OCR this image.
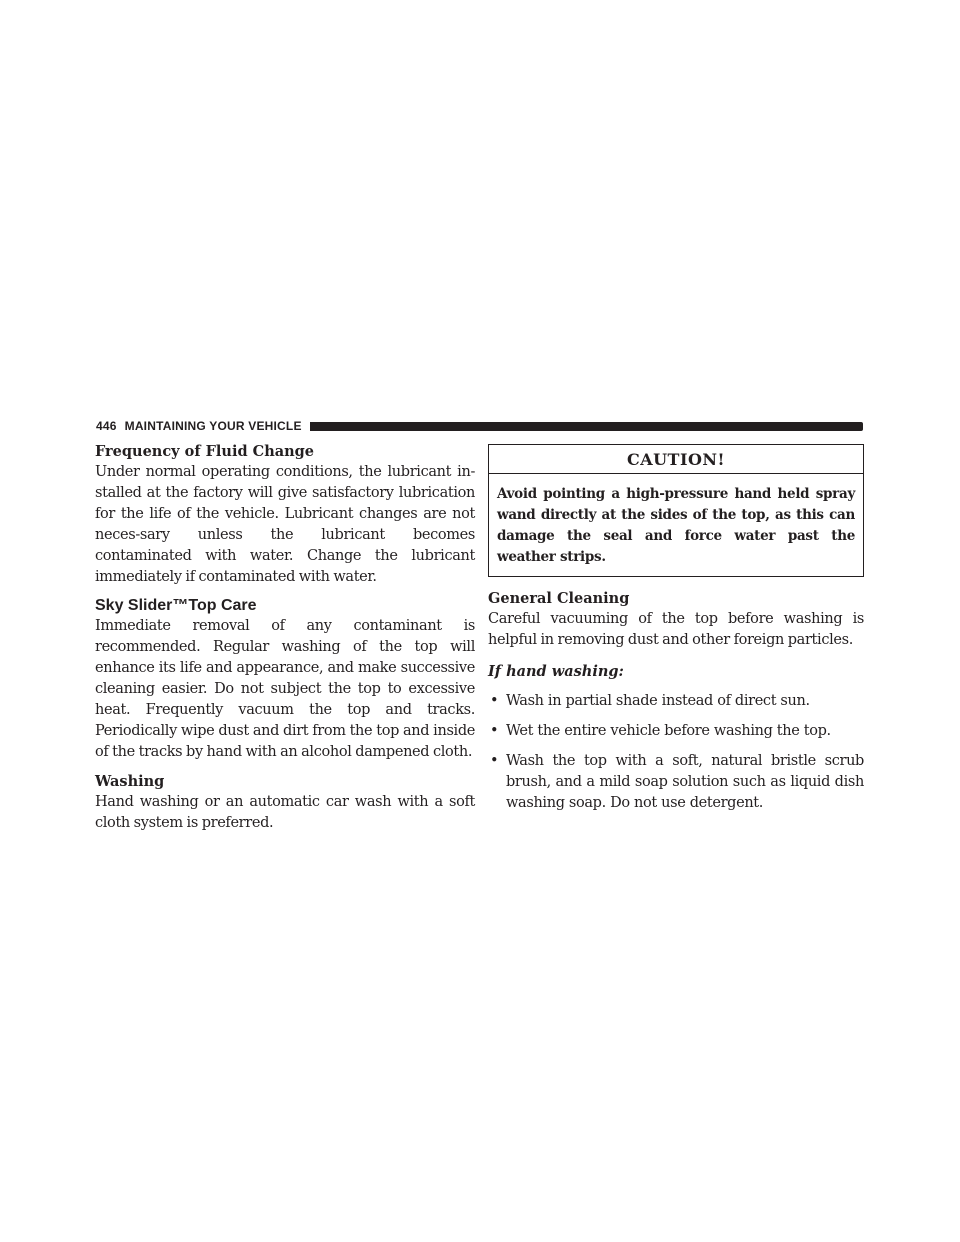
446 MAINTAINING YOUR VEHICLE
Frequency of Fluid Change

Under normal operating conditions, the lubricant in-stalled at the factory will give satisfactory lubrication for the life of the vehicle. Lubricant changes are not neces-sary unless the lubricant becomes contaminated with water. Change the lubricant immediately if contaminated with water.

Sky Slider™Top Care

Immediate removal of any contaminant is recommended. Regular washing of the top will enhance its life and appearance, and make successive cleaning easier. Do not subject the top to excessive heat. Frequently vacuum the top and tracks. Periodically wipe dust and dirt from the top and inside of the tracks by hand with an alcohol dampened cloth.

Washing

Hand washing or an automatic car wash with a soft cloth system is preferred.

CAUTION!
Avoid pointing a high-pressure hand held spray wand directly at the sides of the top, as this can damage the seal and force water past the weather strips.
General Cleaning

Careful vacuuming of the top before washing is helpful in removing dust and other foreign particles.

If hand washing:

• Wash in partial shade instead of direct sun.
• Wet the entire vehicle before washing the top.
• Wash the top with a soft, natural bristle scrub brush, and a mild soap solution such as liquid dish washing soap. Do not use detergent.
